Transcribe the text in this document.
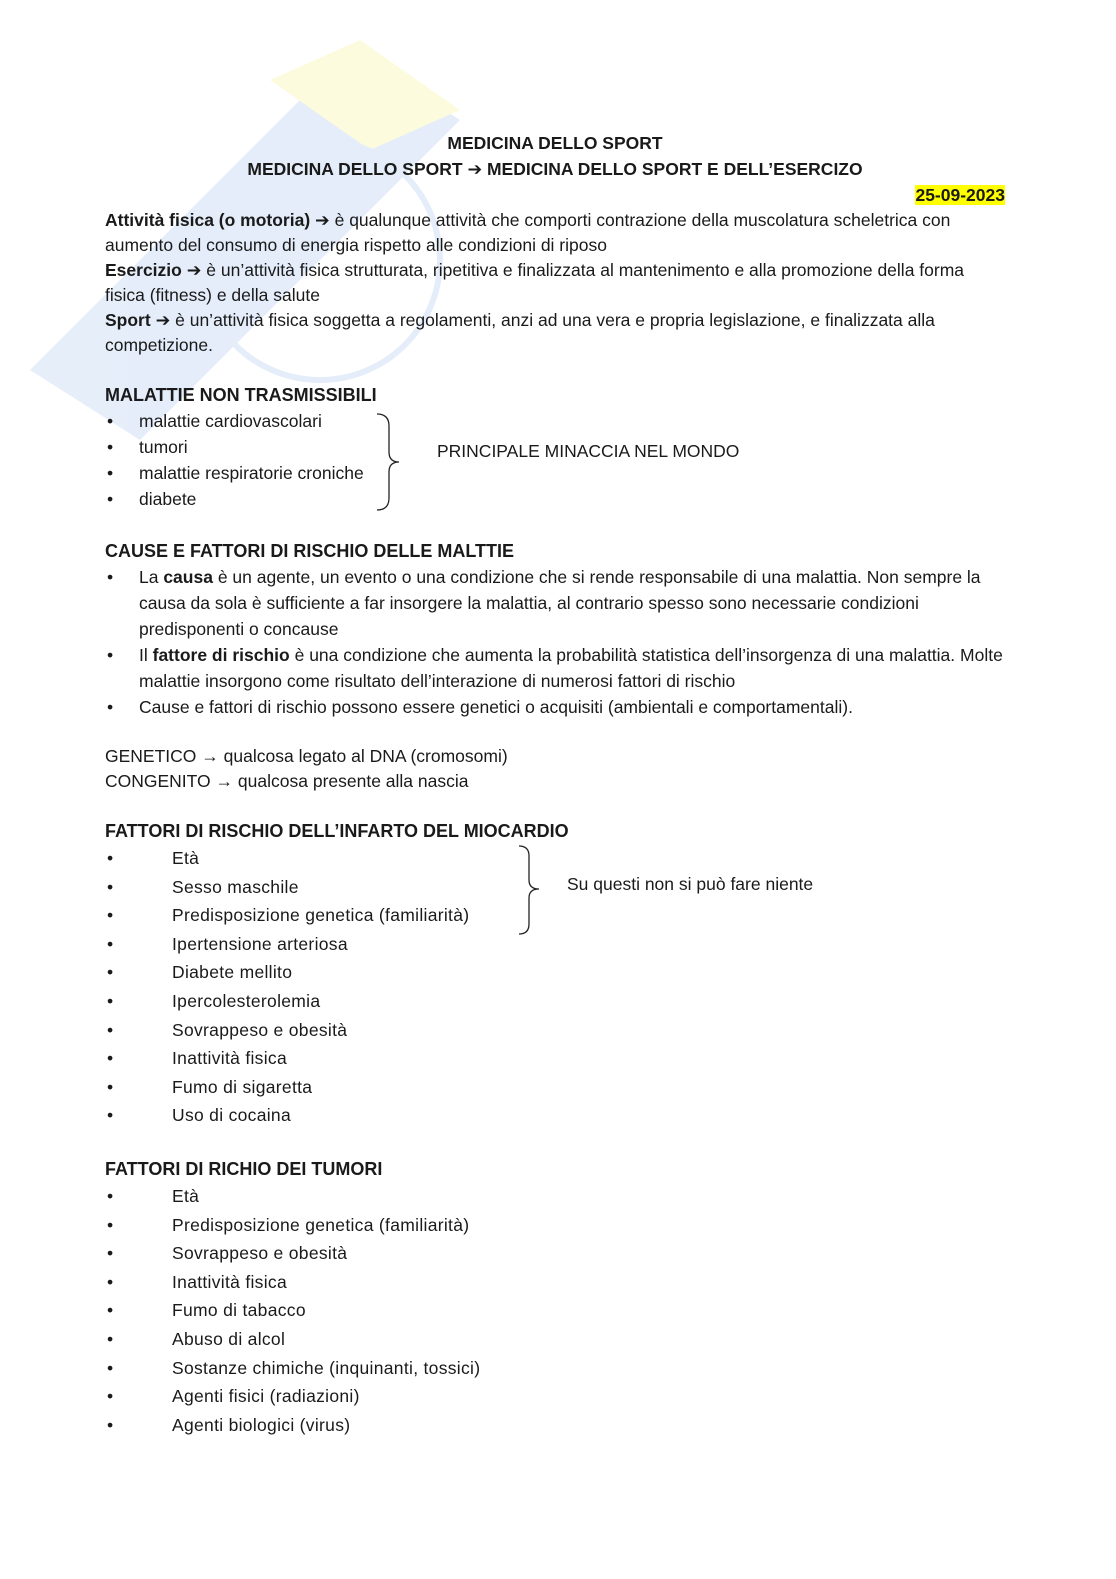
MEDICINA DELLO SPORT
MEDICINA DELLO SPORT ➔ MEDICINA DELLO SPORT E DELL’ESERCIZO
25-09-2023

Attività fisica (o motoria) ➔ è qualunque attività che comporti contrazione della muscolatura scheletrica con aumento del consumo di energia rispetto alle condizioni di riposo

Esercizio ➔ è un’attività fisica strutturata, ripetitiva e finalizzata al mantenimento e alla promozione della forma fisica (fitness) e della salute

Sport ➔ è un’attività fisica soggetta a regolamenti, anzi ad una vera e propria legislazione, e finalizzata alla competizione.

MALATTIE NON TRASMISSIBILI
• malattie cardiovascolari
• tumori
• malattie respiratorie croniche
• diabete
PRINCIPALE MINACCIA NEL MONDO
CAUSE E FATTORI DI RISCHIO DELLE MALTTIE
• La causa è un agente, un evento o una condizione che si rende responsabile di una malattia. Non sempre la causa da sola è sufficiente a far insorgere la malattia, al contrario spesso sono necessarie condizioni predisponenti o concause
• Il fattore di rischio è una condizione che aumenta la probabilità statistica dell’insorgenza di una malattia. Molte malattie insorgono come risultato dell’interazione di numerosi fattori di rischio
• Cause e fattori di rischio possono essere genetici o acquisiti (ambientali e comportamentali).

GENETICO → qualcosa legato al DNA (cromosomi)

CONGENITO → qualcosa presente alla nascia

FATTORI DI RISCHIO DELL’INFARTO DEL MIOCARDIO
• Età
• Sesso maschile
• Predisposizione genetica (familiarità)
• Ipertensione arteriosa
• Diabete mellito
• Ipercolesterolemia
• Sovrappeso e obesità
• Inattività fisica
• Fumo di sigaretta
• Uso di cocaina
Su questi non si può fare niente
FATTORI DI RICHIO DEI TUMORI
• Età
• Predisposizione genetica (familiarità)
• Sovrappeso e obesità
• Inattività fisica
• Fumo di tabacco
• Abuso di alcol
• Sostanze chimiche (inquinanti, tossici)
• Agenti fisici (radiazioni)
• Agenti biologici (virus)
